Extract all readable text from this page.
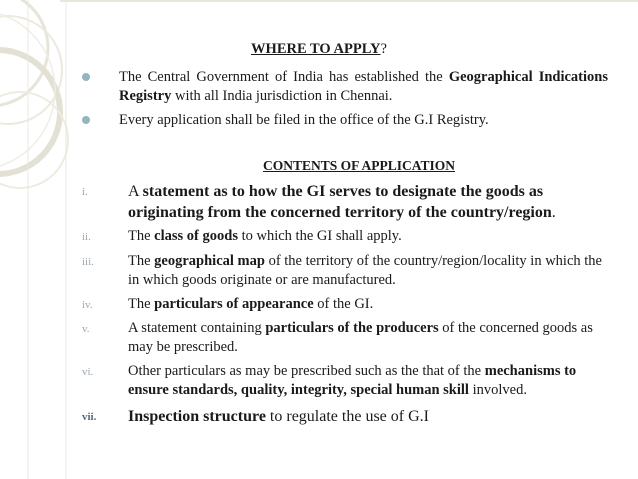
WHERE TO APPLY?
The Central Government of India has established the Geographical Indications Registry with all India jurisdiction in Chennai.
Every application shall be filed in the office of the G.I Registry.
CONTENTS OF APPLICATION
i.	A statement as to how the GI serves to designate the goods as originating from the concerned territory of the country/region.
ii.	The class of goods to which the GI shall apply.
iii. The geographical map of the territory of the country/region/locality in which the in which goods originate or are manufactured.
iv. The particulars of appearance of the GI.
v.	A statement containing particulars of the producers of the concerned goods as may be prescribed.
vi. Other particulars as may be prescribed such as the that of the mechanisms to ensure standards, quality, integrity, special human skill involved.
vii. Inspection structure to regulate the use of G.I
